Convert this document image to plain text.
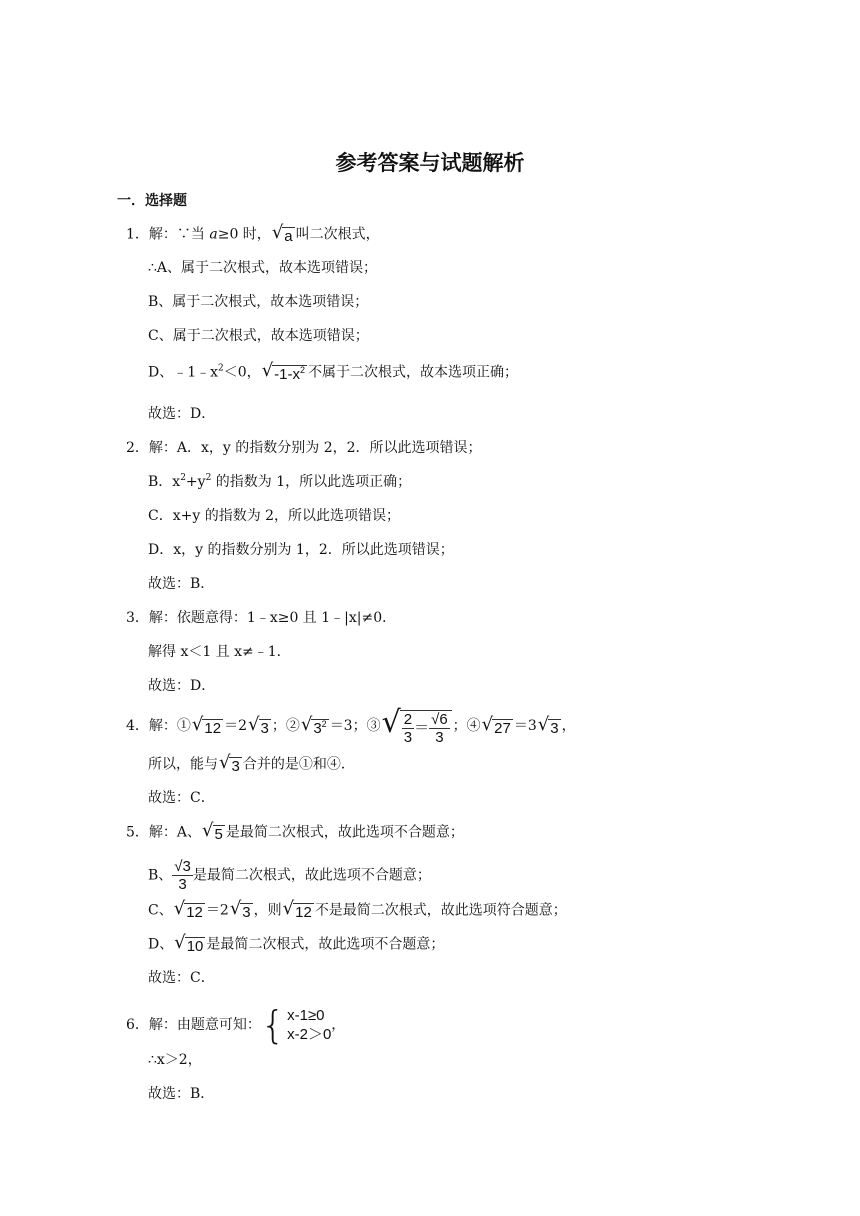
参考答案与试题解析
一．选择题
1．解：∵当 a≥0 时， √ a 叫二次根式，
∴A、属于二次根式，故本选项错误；
B、属于二次根式，故本选项错误；
C、属于二次根式，故本选项错误；
D、$﹣1﹣x^2<0$， √ $-1-x^2$ 不属于二次根式，故本选项正确；
故选：D．
2．解：A．x，y 的指数分别为 2，2．所以此选项错误；
B．$x^2+y^2$ 的指数为 1，所以此选项正确；
C．x+y 的指数为 2，所以此选项错误；
D．x，y 的指数分别为 1，2．所以此选项错误；
故选：B．
3．解：依题意得：1﹣x≥0 且 1﹣|x|≠0．
解得 x＜1 且 x≠﹣1．
故选：D．
4．解：① √ 12 ＝2 √ 3 ；② √ $3^2 =3$；③ √ $\frac{2}{3} = \frac{√6}{3}$ ；④ √ 27 ＝3 √ 3 ，
所以，能与 √ 3 合并的是①和④．
故选：C．
5．解：A、 √ 5 是最简二次根式，故此选项不合题意；
B、 $\frac{√3}{3}$ 是最简二次根式，故此选项不合题意；
C、 √ 12 ＝2 √ 3 ，则 √ 12 不是最简二次根式，故此选项符合题意；
D、 √ 10 是最简二次根式，故此选项不合题意；
故选：C．
6．解：由题意可知： { x-1≥0
x-2＞0
，
∴x＞2，
故选：B．
